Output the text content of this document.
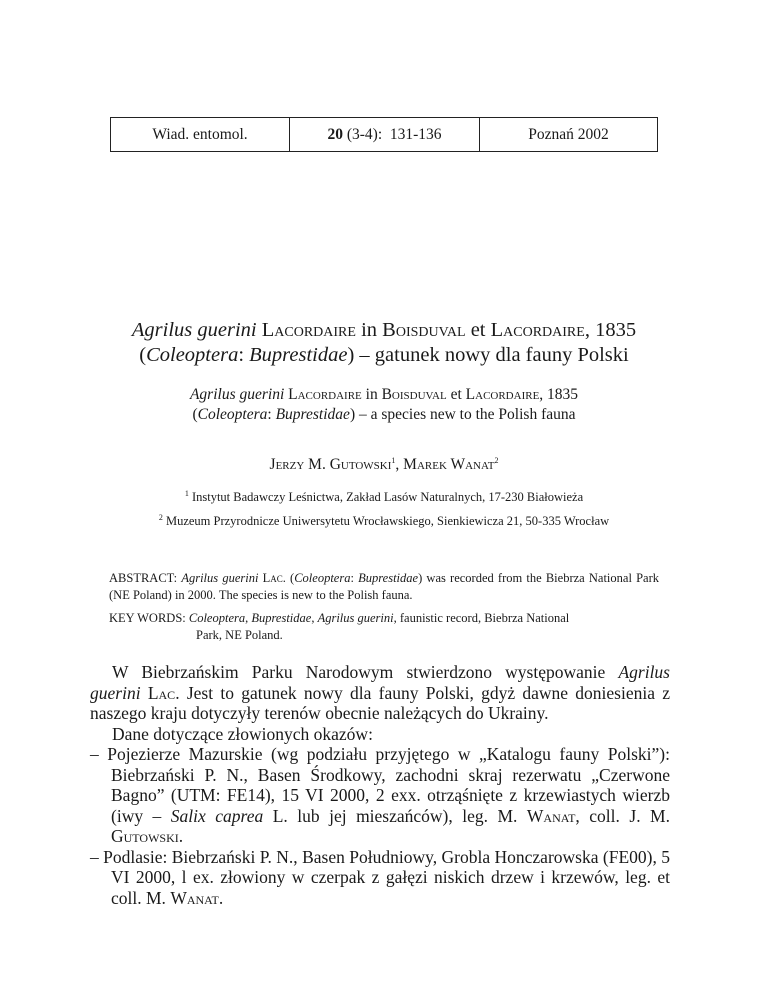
Wiad. entomol.	20 (3-4):  131-136	Poznań 2002
Agrilus guerini Lacordaire in Boisduval et Lacordaire, 1835
(Coleoptera: Buprestidae) – gatunek nowy dla fauny Polski
Agrilus guerini Lacordaire in Boisduval et Lacordaire, 1835
(Coleoptera: Buprestidae) – a species new to the Polish fauna
Jerzy M. Gutowski$^1$, Marek Wanat$^2$
$^1$ Instytut Badawczy Leśnictwa, Zakład Lasów Naturalnych, 17-230 Białowieża
$^2$ Muzeum Przyrodnicze Uniwersytetu Wrocławskiego, Sienkiewicza 21, 50-335 Wrocław
ABSTRACT: Agrilus guerini Lac. (Coleoptera: Buprestidae) was recorded from the Biebrza National Park (NE Poland) in 2000. The species is new to the Polish fauna.
KEY WORDS: Coleoptera, Buprestidae, Agrilus guerini, faunistic record, Biebrza National
Park, NE Poland.

W Biebrzańskim Parku Narodowym stwierdzono występowanie Agrilus guerini Lac. Jest to gatunek nowy dla fauny Polski, gdyż dawne doniesienia z naszego kraju dotyczyły terenów obecnie należących do Ukrainy.

Dane dotyczące złowionych okazów:

– Pojezierze Mazurskie (wg podziału przyjętego w „Katalogu fauny Polski”): Biebrzański P. N., Basen Środkowy, zachodni skraj rezerwatu „Czerwone Bagno” (UTM: FE14), 15 VI 2000, 2 exx. otrząśnięte z krzewiastych wierzb (iwy – Salix caprea L. lub jej mieszańców), leg. M. Wanat, coll. J. M. Gutowski.

– Podlasie: Biebrzański P. N., Basen Południowy, Grobla Honczarowska (FE00), 5 VI 2000, l ex. złowiony w czerpak z gałęzi niskich drzew i krzewów, leg. et coll. M. Wanat.
